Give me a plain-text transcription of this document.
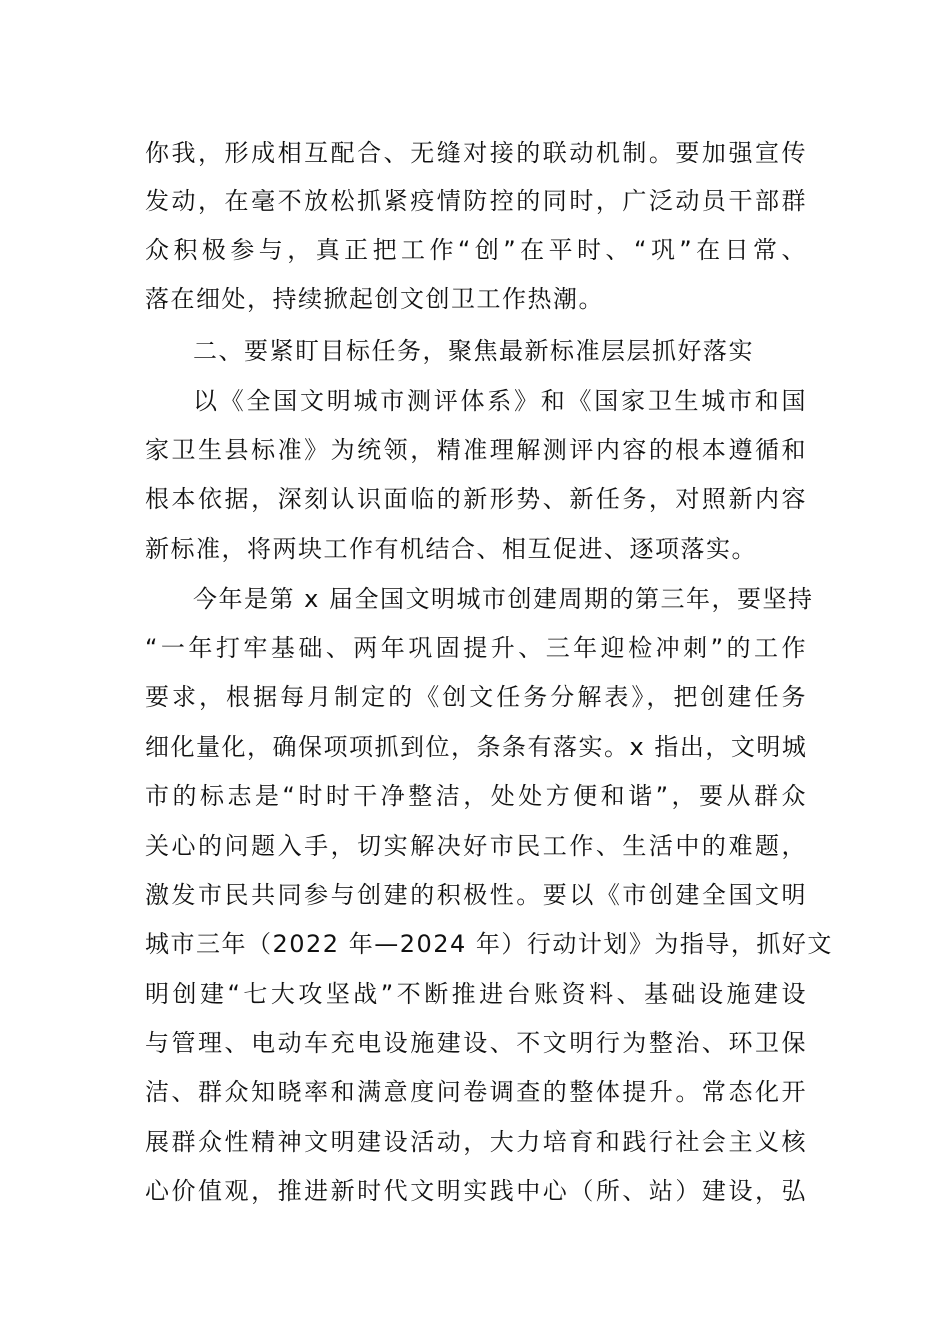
你我，形成相互配合、无缝对接的联动机制。要加强宣传
发动，在毫不放松抓紧疫情防控的同时，广泛动员干部群
众积极参与，真正把工作“创”在平时、“巩”在日常、
落在细处，持续掀起创文创卫工作热潮。
二、要紧盯目标任务，聚焦最新标准层层抓好落实
以《全国文明城市测评体系》和《国家卫生城市和国
家卫生县标准》为统领，精准理解测评内容的根本遵循和
根本依据，深刻认识面临的新形势、新任务，对照新内容
新标准，将两块工作有机结合、相互促进、逐项落实。
今年是第 x 届全国文明城市创建周期的第三年，要坚持
“一年打牢基础、两年巩固提升、三年迎检冲刺”的工作
要求，根据每月制定的《创文任务分解表》，把创建任务
细化量化，确保项项抓到位，条条有落实。x 指出，文明城
市的标志是“时时干净整洁，处处方便和谐”，要从群众
关心的问题入手，切实解决好市民工作、生活中的难题，
激发市民共同参与创建的积极性。要以《市创建全国文明
城市三年（2022 年—2024 年）行动计划》为指导，抓好文
明创建“七大攻坚战”不断推进台账资料、基础设施建设
与管理、电动车充电设施建设、不文明行为整治、环卫保
洁、群众知晓率和满意度问卷调查的整体提升。常态化开
展群众性精神文明建设活动，大力培育和践行社会主义核
心价值观，推进新时代文明实践中心（所、站）建设，弘
